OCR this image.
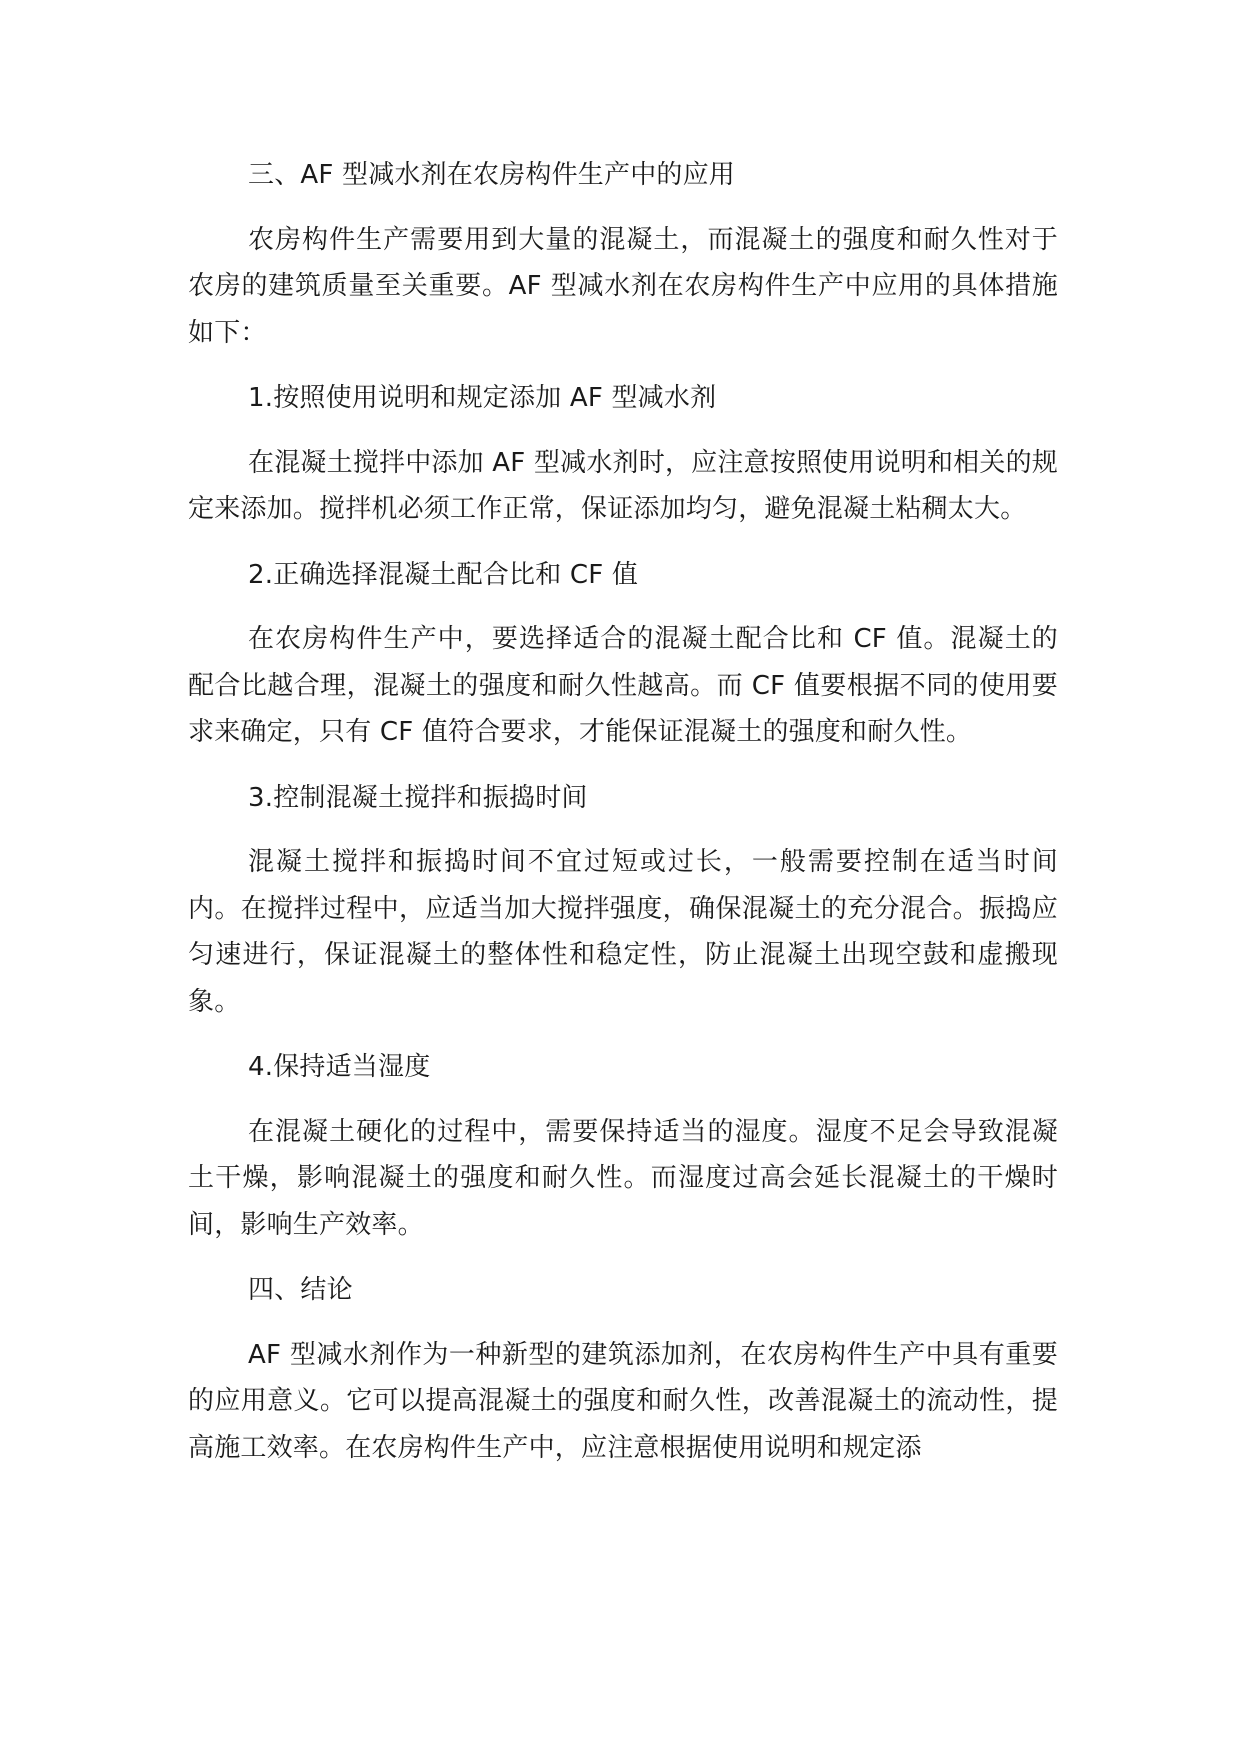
三、AF 型减水剂在农房构件生产中的应用

农房构件生产需要用到大量的混凝土，而混凝土的强度和耐久性对于农房的建筑质量至关重要。AF 型减水剂在农房构件生产中应用的具体措施如下：

1.按照使用说明和规定添加 AF 型减水剂

在混凝土搅拌中添加 AF 型减水剂时，应注意按照使用说明和相关的规定来添加。搅拌机必须工作正常，保证添加均匀，避免混凝土粘稠太大。

2.正确选择混凝土配合比和 CF 值

在农房构件生产中，要选择适合的混凝土配合比和 CF 值。混凝土的配合比越合理，混凝土的强度和耐久性越高。而 CF 值要根据不同的使用要求来确定，只有 CF 值符合要求，才能保证混凝土的强度和耐久性。

3.控制混凝土搅拌和振捣时间

混凝土搅拌和振捣时间不宜过短或过长，一般需要控制在适当时间内。在搅拌过程中，应适当加大搅拌强度，确保混凝土的充分混合。振捣应匀速进行，保证混凝土的整体性和稳定性，防止混凝土出现空鼓和虚搬现象。

4.保持适当湿度

在混凝土硬化的过程中，需要保持适当的湿度。湿度不足会导致混凝土干燥，影响混凝土的强度和耐久性。而湿度过高会延长混凝土的干燥时间，影响生产效率。

四、结论

AF 型减水剂作为一种新型的建筑添加剂，在农房构件生产中具有重要的应用意义。它可以提高混凝土的强度和耐久性，改善混凝土的流动性，提高施工效率。在农房构件生产中，应注意根据使用说明和规定添
